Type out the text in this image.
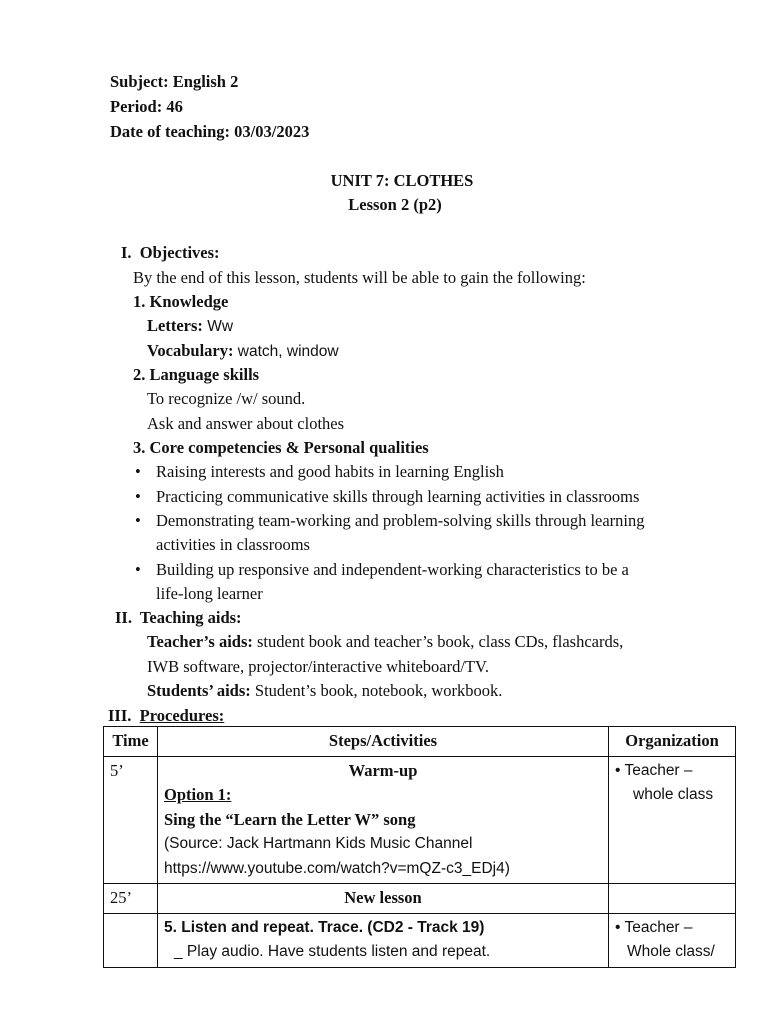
Subject: English 2
Period: 46
Date of teaching: 03/03/2023
UNIT 7: CLOTHES
Lesson 2 (p2)
I. Objectives:
By the end of this lesson, students will be able to gain the following:
1. Knowledge
Letters: Ww
Vocabulary: watch, window
2. Language skills
To recognize /w/ sound.
Ask and answer about clothes
3. Core competencies & Personal qualities
• Raising interests and good habits in learning English
• Practicing communicative skills through learning activities in classrooms
• Demonstrating team-working and problem-solving skills through learning
activities in classrooms
• Building up responsive and independent-working characteristics to be a
life-long learner
II. Teaching aids:
Teacher’s aids: student book and teacher’s book, class CDs, flashcards,
IWB software, projector/interactive whiteboard/TV.
Students’ aids: Student’s book, notebook, workbook.
III. Procedures:
Time	Steps/Activities	Organization
5’	Warm-up
Option 1:
Sing the “Learn the Letter W” song
(Source: Jack Hartmann Kids Music Channel
https://www.youtube.com/watch?v=mQZ-c3_EDj4)	• Teacher –
whole class

25’	New lesson	

	5. Listen and repeat. Trace. (CD2 - Track 19)
_ Play audio. Have students listen and repeat.	• Teacher –
Whole class/
